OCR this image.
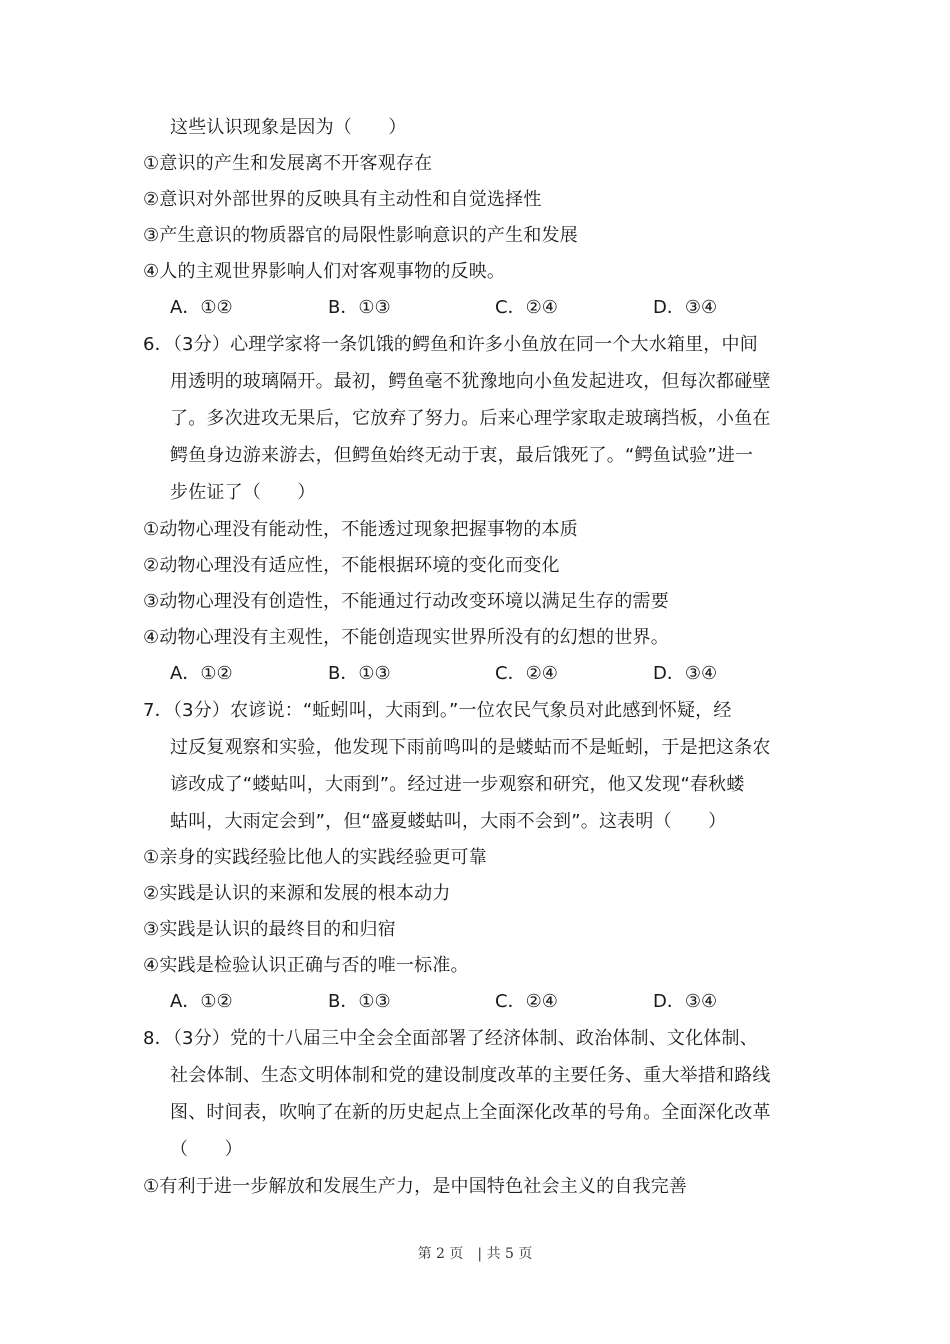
这些认识现象是因为（　　）
①意识的产生和发展离不开客观存在
②意识对外部世界的反映具有主动性和自觉选择性
③产生意识的物质器官的局限性影响意识的产生和发展
④人的主观世界影响人们对客观事物的反映。
A．①②	B．①③	C．②④	D．③④
6．（3分）心理学家将一条饥饿的鳄鱼和许多小鱼放在同一个大水箱里，中间
用透明的玻璃隔开。最初，鳄鱼毫不犹豫地向小鱼发起进攻，但每次都碰壁
了。多次进攻无果后，它放弃了努力。后来心理学家取走玻璃挡板，小鱼在
鳄鱼身边游来游去，但鳄鱼始终无动于衷，最后饿死了。“鳄鱼试验”进一
步佐证了（　　）
①动物心理没有能动性，不能透过现象把握事物的本质
②动物心理没有适应性，不能根据环境的变化而变化
③动物心理没有创造性，不能通过行动改变环境以满足生存的需要
④动物心理没有主观性，不能创造现实世界所没有的幻想的世界。
A．①②	B．①③	C．②④	D．③④
7．（3分）农谚说：“蚯蚓叫，大雨到。”一位农民气象员对此感到怀疑，经
过反复观察和实验，他发现下雨前鸣叫的是蝼蛄而不是蚯蚓，于是把这条农
谚改成了“蝼蛄叫，大雨到”。经过进一步观察和研究，他又发现“春秋蝼
蛄叫，大雨定会到”，但“盛夏蝼蛄叫，大雨不会到”。这表明（　　）
①亲身的实践经验比他人的实践经验更可靠
②实践是认识的来源和发展的根本动力
③实践是认识的最终目的和归宿
④实践是检验认识正确与否的唯一标准。
A．①②	B．①③	C．②④	D．③④
8．（3分）党的十八届三中全会全面部署了经济体制、政治体制、文化体制、
社会体制、生态文明体制和党的建设制度改革的主要任务、重大举措和路线
图、时间表，吹响了在新的历史起点上全面深化改革的号角。全面深化改革
（　　）
①有利于进一步解放和发展生产力，是中国特色社会主义的自我完善
第 2 页　| 共 5 页
